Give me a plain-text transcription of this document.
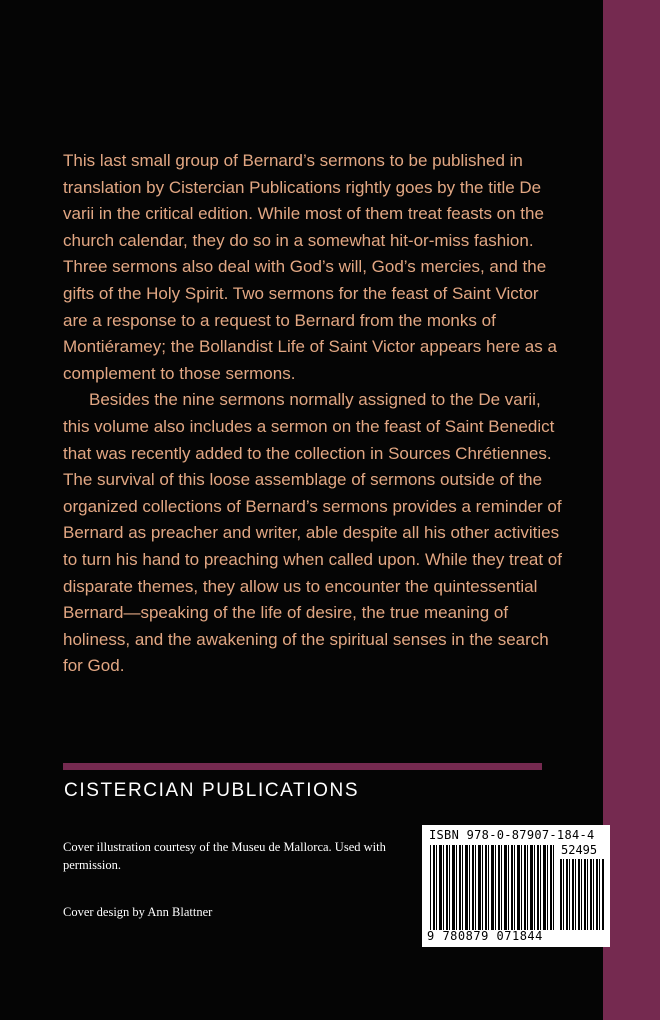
This last small group of Bernard’s sermons to be published in translation by Cistercian Publications rightly goes by the title De varii in the critical edition. While most of them treat feasts on the church calendar, they do so in a somewhat hit-or-miss fashion. Three sermons also deal with God’s will, God’s mercies, and the gifts of the Holy Spirit. Two sermons for the feast of Saint Victor are a response to a request to Bernard from the monks of Montiéramey; the Bollandist Life of Saint Victor appears here as a complement to those sermons.

Besides the nine sermons normally assigned to the De varii, this volume also includes a sermon on the feast of Saint Benedict that was recently added to the collection in Sources Chrétiennes. The survival of this loose assemblage of sermons outside of the organized collections of Bernard’s sermons provides a reminder of Bernard as preacher and writer, able despite all his other activities to turn his hand to preaching when called upon. While they treat of disparate themes, they allow us to encounter the quintessential Bernard—speaking of the life of desire, the true meaning of holiness, and the awakening of the spiritual senses in the search for God.

CISTERCIAN PUBLICATIONS

Cover illustration courtesy of the Museu de Mallorca. Used with permission.

Cover design by Ann Blattner

ISBN 978-0-87907-184-4
52495
9 780879 071844
